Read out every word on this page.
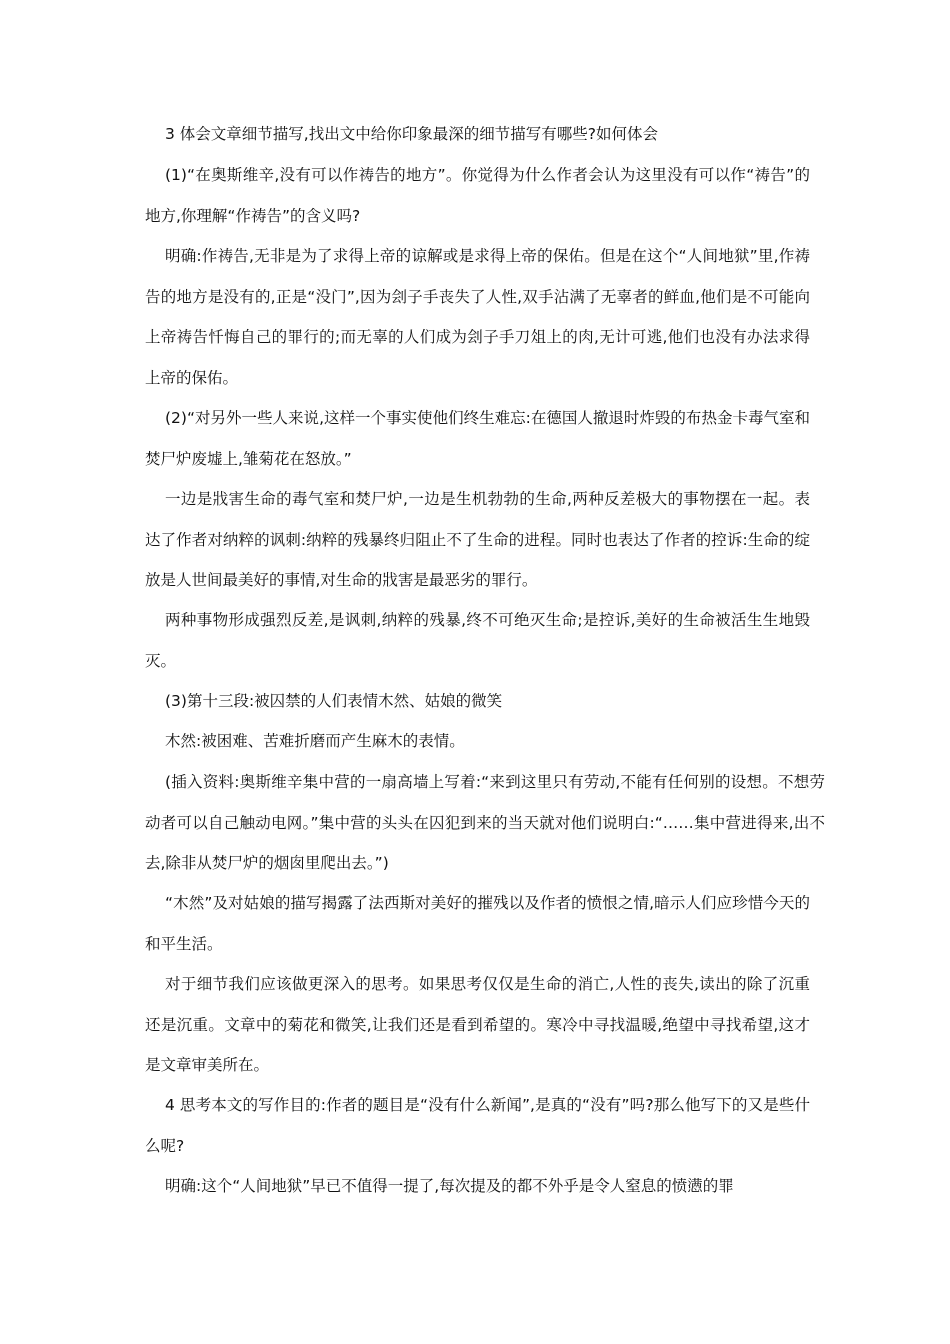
3 体会文章细节描写,找出文中给你印象最深的细节描写有哪些?如何体会

(1)“在奥斯维辛,没有可以作祷告的地方”。你觉得为什么作者会认为这里没有可以作“祷告”的地方,你理解“作祷告”的含义吗?

明确:作祷告,无非是为了求得上帝的谅解或是求得上帝的保佑。但是在这个“人间地狱”里,作祷告的地方是没有的,正是“没门”,因为刽子手丧失了人性,双手沾满了无辜者的鲜血,他们是不可能向上帝祷告忏悔自己的罪行的;而无辜的人们成为刽子手刀俎上的肉,无计可逃,他们也没有办法求得上帝的保佑。

(2)“对另外一些人来说,这样一个事实使他们终生难忘:在德国人撤退时炸毁的布热金卡毒气室和焚尸炉废墟上,雏菊花在怒放。”

一边是戕害生命的毒气室和焚尸炉,一边是生机勃勃的生命,两种反差极大的事物摆在一起。表达了作者对纳粹的讽刺:纳粹的残暴终归阻止不了生命的进程。同时也表达了作者的控诉:生命的绽放是人世间最美好的事情,对生命的戕害是最恶劣的罪行。

两种事物形成强烈反差,是讽刺,纳粹的残暴,终不可绝灭生命;是控诉,美好的生命被活生生地毁灭。

(3)第十三段:被囚禁的人们表情木然、姑娘的微笑

木然:被困难、苦难折磨而产生麻木的表情。

(插入资料:奥斯维辛集中营的一扇高墙上写着:“来到这里只有劳动,不能有任何别的设想。不想劳动者可以自己触动电网。”集中营的头头在囚犯到来的当天就对他们说明白:“……集中营进得来,出不去,除非从焚尸炉的烟囱里爬出去。”)

“木然”及对姑娘的描写揭露了法西斯对美好的摧残以及作者的愤恨之情,暗示人们应珍惜今天的和平生活。

对于细节我们应该做更深入的思考。如果思考仅仅是生命的消亡,人性的丧失,读出的除了沉重还是沉重。文章中的菊花和微笑,让我们还是看到希望的。寒冷中寻找温暖,绝望中寻找希望,这才是文章审美所在。

4 思考本文的写作目的:作者的题目是“没有什么新闻”,是真的“没有”吗?那么他写下的又是些什么呢?

明确:这个“人间地狱”早已不值得一提了,每次提及的都不外乎是令人窒息的愤懑的罪
